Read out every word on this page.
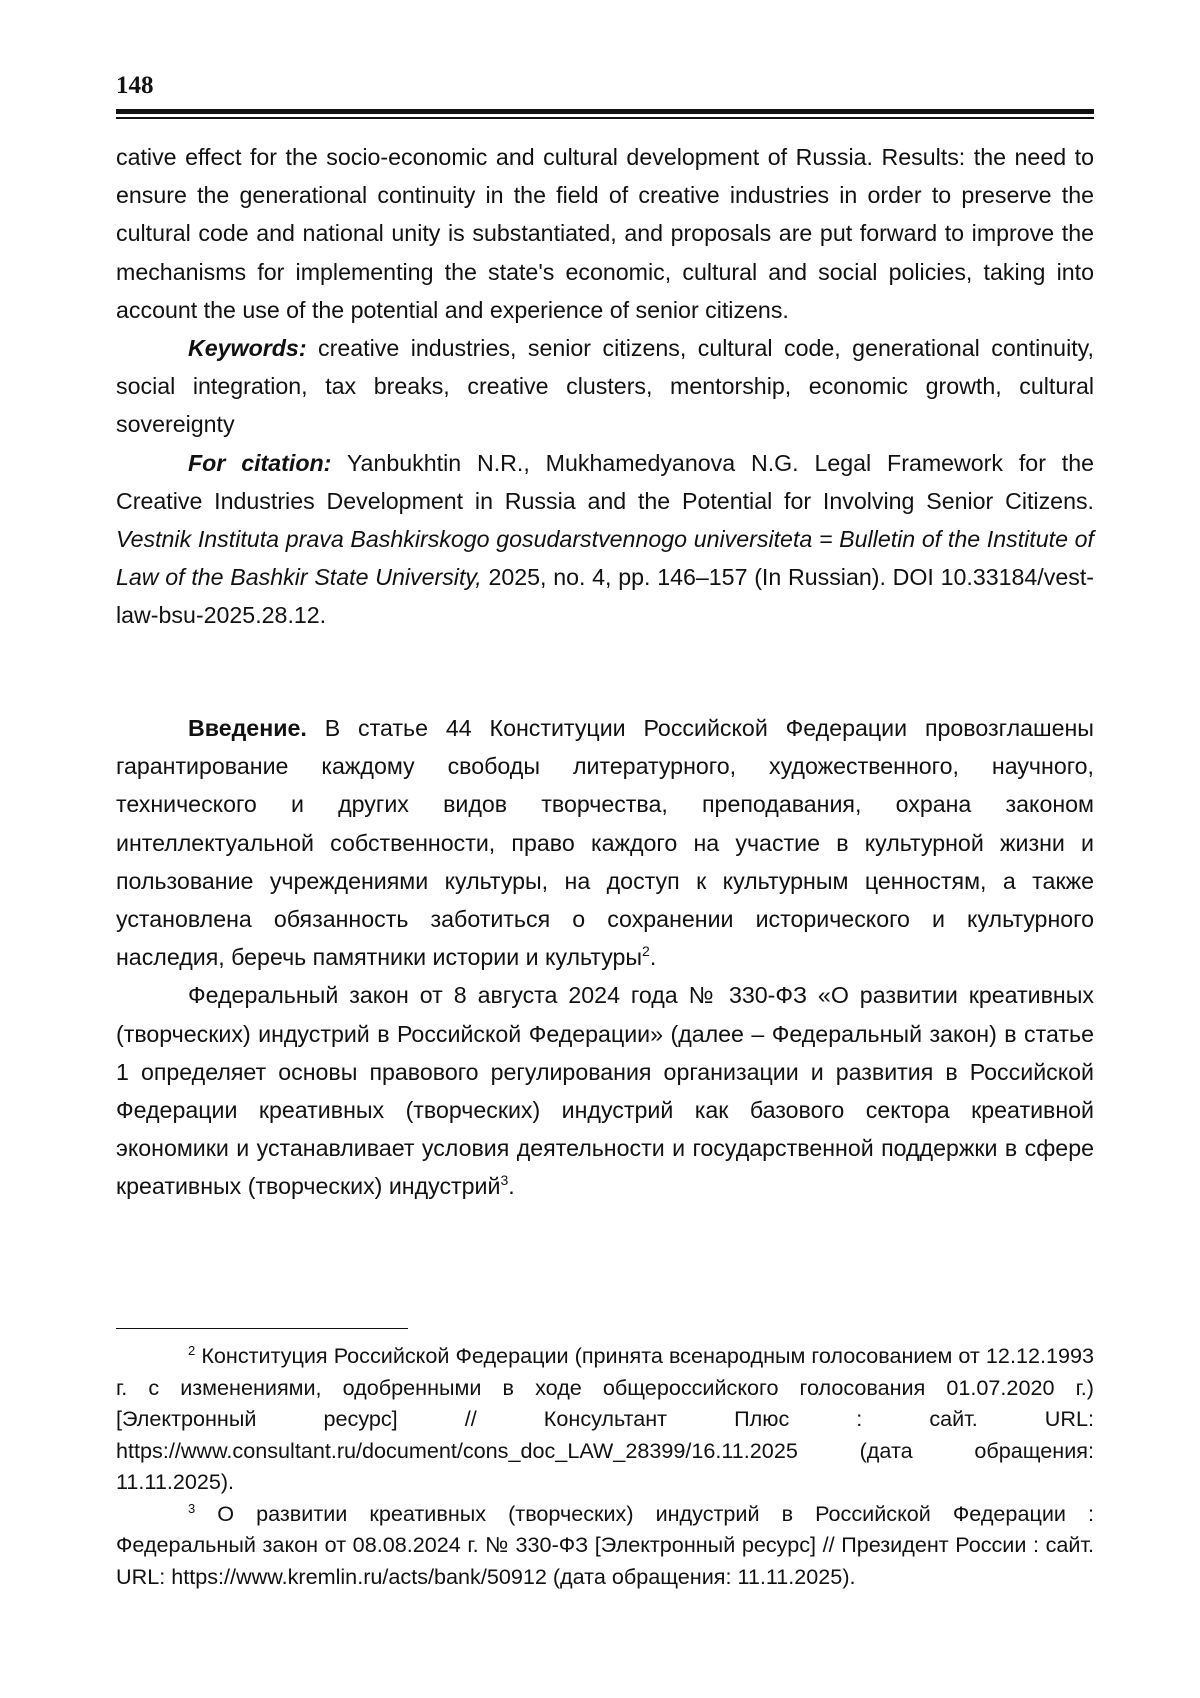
148

cative effect for the socio-economic and cultural development of Russia. Results: the need to ensure the generational continuity in the field of creative industries in order to preserve the cultural code and national unity is substantiated, and proposals are put forward to improve the mechanisms for implementing the state's economic, cultural and social policies, taking into account the use of the potential and experience of senior citizens.

Keywords: creative industries, senior citizens, cultural code, generational continuity, social integration, tax breaks, creative clusters, mentorship, economic growth, cultural sovereignty

For citation: Yanbukhtin N.R., Mukhamedyanova N.G. Legal Framework for the Creative Industries Development in Russia and the Potential for Involving Senior Citizens. Vestnik Instituta prava Bashkirskogo gosudarstvennogo universiteta = Bulletin of the Institute of Law of the Bashkir State University, 2025, no. 4, pp. 146–157 (In Russian). DOI 10.33184/vest-law-bsu-2025.28.12.

Введение. В статье 44 Конституции Российской Федерации провозглашены гарантирование каждому свободы литературного, художественного, научного, технического и других видов творчества, преподавания, охрана законом интеллектуальной собственности, право каждого на участие в культурной жизни и пользование учреждениями культуры, на доступ к культурным ценностям, а также установлена обязанность заботиться о сохранении исторического и культурного наследия, беречь памятники истории и культуры$^2$.

Федеральный закон от 8 августа 2024 года № 330-ФЗ «О развитии креативных (творческих) индустрий в Российской Федерации» (далее – Федеральный закон) в статье 1 определяет основы правового регулирования организации и развития в Российской Федерации креативных (творческих) индустрий как базового сектора креативной экономики и устанавливает условия деятельности и государственной поддержки в сфере креативных (творческих) индустрий$^3$.

$^2$ Конституция Российской Федерации (принята всенародным голосованием от 12.12.1993 г. с изменениями, одобренными в ходе общероссийского голосования 01.07.2020 г.) [Электронный ресурс] // Консультант Плюс : сайт. URL: https://www.consultant.ru/document/cons_doc_LAW_28399/16.11.2025 (дата обращения: 11.11.2025).

$^3$ О развитии креативных (творческих) индустрий в Российской Федерации : Федеральный закон от 08.08.2024 г. № 330-ФЗ [Электронный ресурс] // Президент России : сайт. URL: https://www.kremlin.ru/acts/bank/50912 (дата обращения: 11.11.2025).
